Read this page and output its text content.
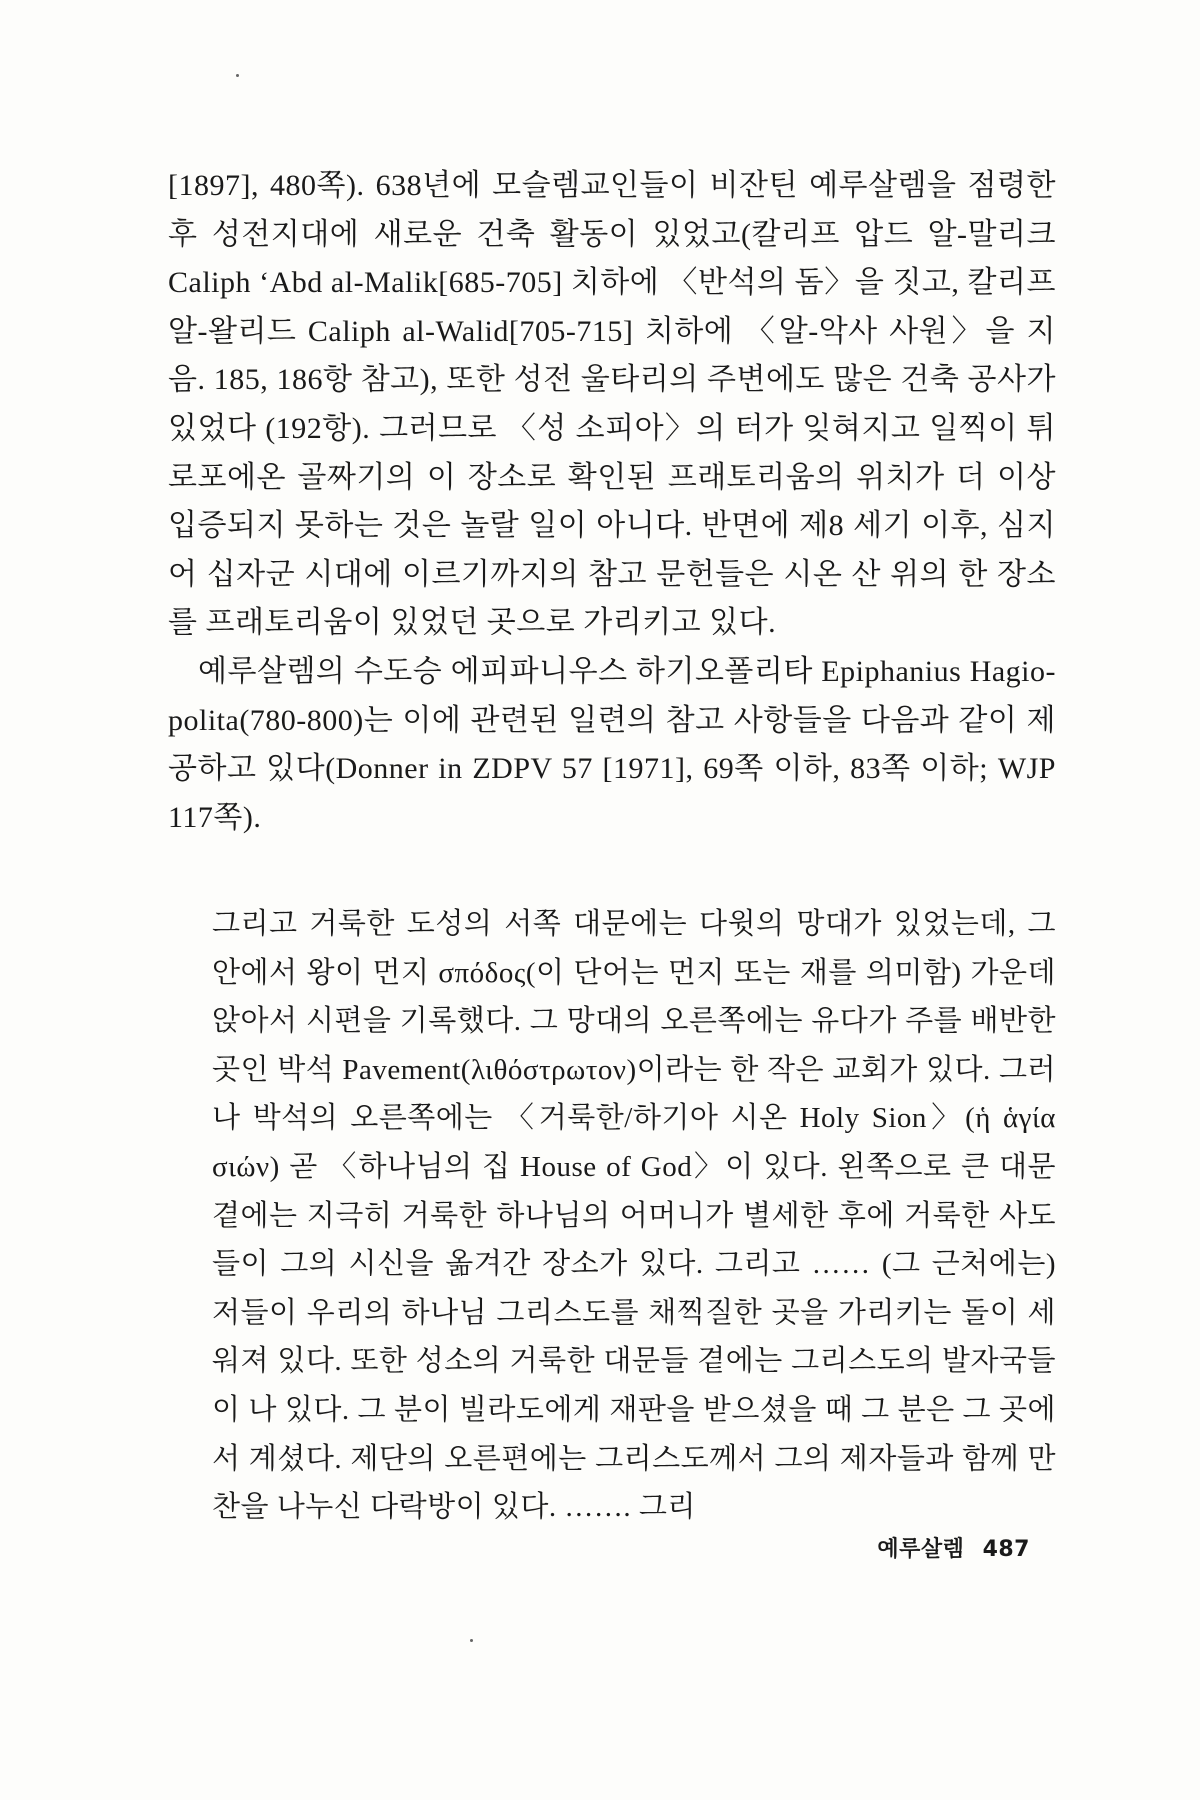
[1897], 480쪽). 638년에 모슬렘교인들이 비잔틴 예루살렘을 점령한 후 성전지대에 새로운 건축 활동이 있었고(칼리프 압드 알-말리크 Caliph ‘Abd al-Malik[685-705] 치하에 〈반석의 돔〉을 짓고, 칼리프 알-왈리드 Caliph al-Walid[705-715] 치하에 〈알-악사 사원〉을 지음. 185, 186항 참고), 또한 성전 울타리의 주변에도 많은 건축 공사가 있었다 (192항). 그러므로 〈성 소피아〉의 터가 잊혀지고 일찍이 튀로포에온 골짜기의 이 장소로 확인된 프래토리움의 위치가 더 이상 입증되지 못하는 것은 놀랄 일이 아니다. 반면에 제8 세기 이후, 심지어 십자군 시대에 이르기까지의 참고 문헌들은 시온 산 위의 한 장소를 프래토리움이 있었던 곳으로 가리키고 있다.

예루살렘의 수도승 에피파니우스 하기오폴리타 Epiphanius Hagio-polita(780-800)는 이에 관련된 일련의 참고 사항들을 다음과 같이 제공하고 있다(Donner in ZDPV 57 [1971], 69쪽 이하, 83쪽 이하; WJP 117쪽).

그리고 거룩한 도성의 서쪽 대문에는 다윗의 망대가 있었는데, 그 안에서 왕이 먼지 σπόδος(이 단어는 먼지 또는 재를 의미함) 가운데 앉아서 시편을 기록했다. 그 망대의 오른쪽에는 유다가 주를 배반한 곳인 박석 Pavement(λιθόστρωτον)이라는 한 작은 교회가 있다. 그러나 박석의 오른쪽에는 〈거룩한/하기아 시온 Holy Sion〉(ἡ ἁγία σιών) 곧 〈하나님의 집 House of God〉이 있다. 왼쪽으로 큰 대문 곁에는 지극히 거룩한 하나님의 어머니가 별세한 후에 거룩한 사도들이 그의 시신을 옮겨간 장소가 있다. 그리고 …… (그 근처에는) 저들이 우리의 하나님 그리스도를 채찍질한 곳을 가리키는 돌이 세워져 있다. 또한 성소의 거룩한 대문들 곁에는 그리스도의 발자국들이 나 있다. 그 분이 빌라도에게 재판을 받으셨을 때 그 분은 그 곳에 서 계셨다. 제단의 오른편에는 그리스도께서 그의 제자들과 함께 만찬을 나누신 다락방이 있다. ……. 그리

예루살렘 487
